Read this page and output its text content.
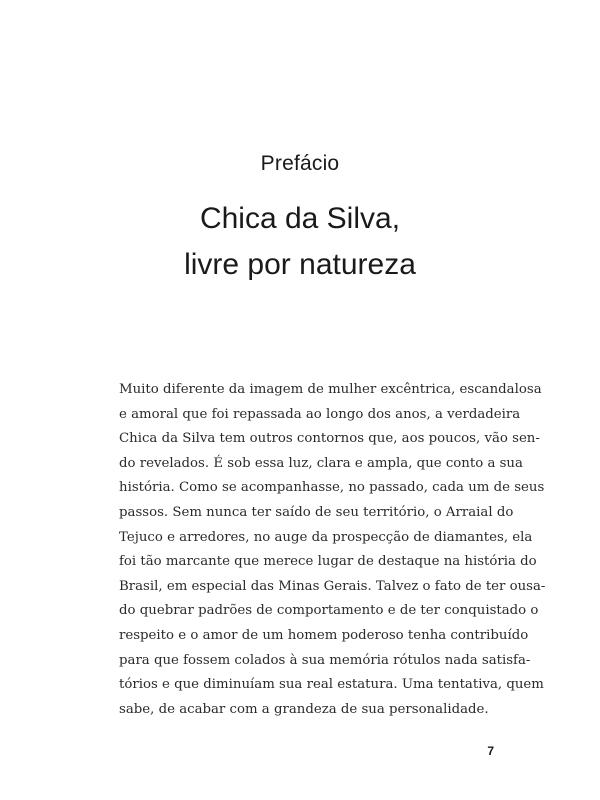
Prefácio
Chica da Silva,
livre por natureza
Muito diferente da imagem de mulher excêntrica, escandalosa
e amoral que foi repassada ao longo dos anos, a verdadeira
Chica da Silva tem outros contornos que, aos poucos, vão sen-
do revelados. É sob essa luz, clara e ampla, que conto a sua
história. Como se acompanhasse, no passado, cada um de seus
passos. Sem nunca ter saído de seu território, o Arraial do
Tejuco e arredores, no auge da prospecção de diamantes, ela
foi tão marcante que merece lugar de destaque na história do
Brasil, em especial das Minas Gerais. Talvez o fato de ter ousa-
do quebrar padrões de comportamento e de ter conquistado o
respeito e o amor de um homem poderoso tenha contribuído
para que fossem colados à sua memória rótulos nada satisfa-
tórios e que diminuíam sua real estatura. Uma tentativa, quem
sabe, de acabar com a grandeza de sua personalidade.
7
